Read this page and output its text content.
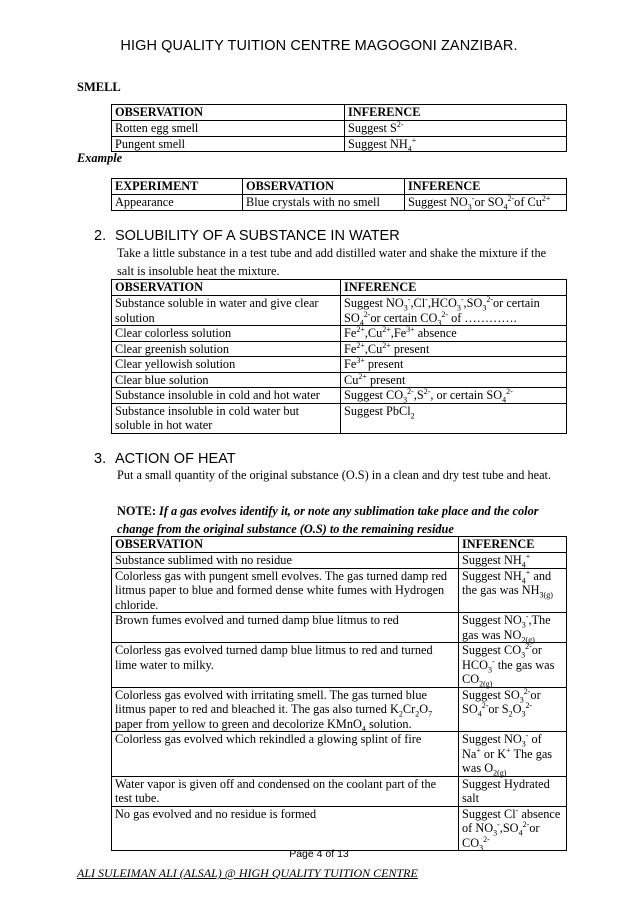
HIGH QUALITY TUITION CENTRE MAGOGONI ZANZIBAR.
SMELL
OBSERVATION	INFERENCE
Rotten egg smell	Suggest $S^{2-}$
Pungent smell	Suggest $NH_4^+$
Example
EXPERIMENT	OBSERVATION	INFERENCE
Appearance	Blue crystals with no smell	Suggest $NO_3^-or$ $SO_4^{2-}of$ $Cu^{2+}$
2. SOLUBILITY OF A SUBSTANCE IN WATER
Take a little substance in a test tube and add distilled water and shake the mixture if the salt is insoluble heat the mixture.
OBSERVATION	INFERENCE
Substance soluble in water and give clear solution	Suggest $NO_3^-,Cl^-,HCO_3^-,SO_3^{2-}or$ certain $SO_4^{2-}or$ certain $CO_3^{2-}$ of ………….
Clear colorless solution	$Fe^{2+},Cu^{2+},Fe^{3+}$ absence
Clear greenish solution	$Fe^{2+},Cu^{2+}$ present
Clear yellowish solution	$Fe^{3+}$ present
Clear blue solution	$Cu^{2+}$ present
Substance insoluble in cold and hot water	Suggest $CO_3^{2-},S^{2-}$, or certain $SO_4^{2-}$
Substance insoluble in cold water but soluble in hot water	Suggest PbCl$_2$
3. ACTION OF HEAT
Put a small quantity of the original substance (O.S) in a clean and dry test tube and heat.
NOTE: If a gas evolves identify it, or note any sublimation take place and the color change from the original substance (O.S) to the remaining residue
OBSERVATION	INFERENCE
Substance sublimed with no residue	Suggest $NH_4^+$
Colorless gas with pungent smell evolves. The gas turned damp red litmus paper to blue and formed dense white fumes with Hydrogen chloride.	Suggest $NH_4^+$ and the gas was $NH_{3(g)}$
Brown fumes evolved and turned damp blue litmus to red	Suggest $NO_3^-,The$ gas was $NO_{2(g)}$
Colorless gas evolved turned damp blue litmus to red and turned lime water to milky.	Suggest $CO_3^{2-}or$ $HCO_3^-$ the gas was $CO_{2(g)}$
Colorless gas evolved with irritating smell. The gas turned blue litmus paper to red and bleached it. The gas also turned $K_2Cr_2O_7$ paper from yellow to green and decolorize KMnO$_4$ solution.	Suggest $SO_3^{2-}or$ $SO_4^{2-}or$ $S_2O_3^{2-}$
Colorless gas evolved which rekindled a glowing splint of fire	Suggest $NO_3^-$ of Na+ or K+ The gas was $O_{2(g)}$
Water vapor is given off and condensed on the coolant part of the test tube.	Suggest Hydrated salt
No gas evolved and no residue is formed	Suggest Cl- absence of $NO_3^-,SO_4^{2-}or$ $CO_3^{2-}$
Page 4 of 13
ALI SULEIMAN ALI (ALSAL) @ HIGH QUALITY TUITION CENTRE
